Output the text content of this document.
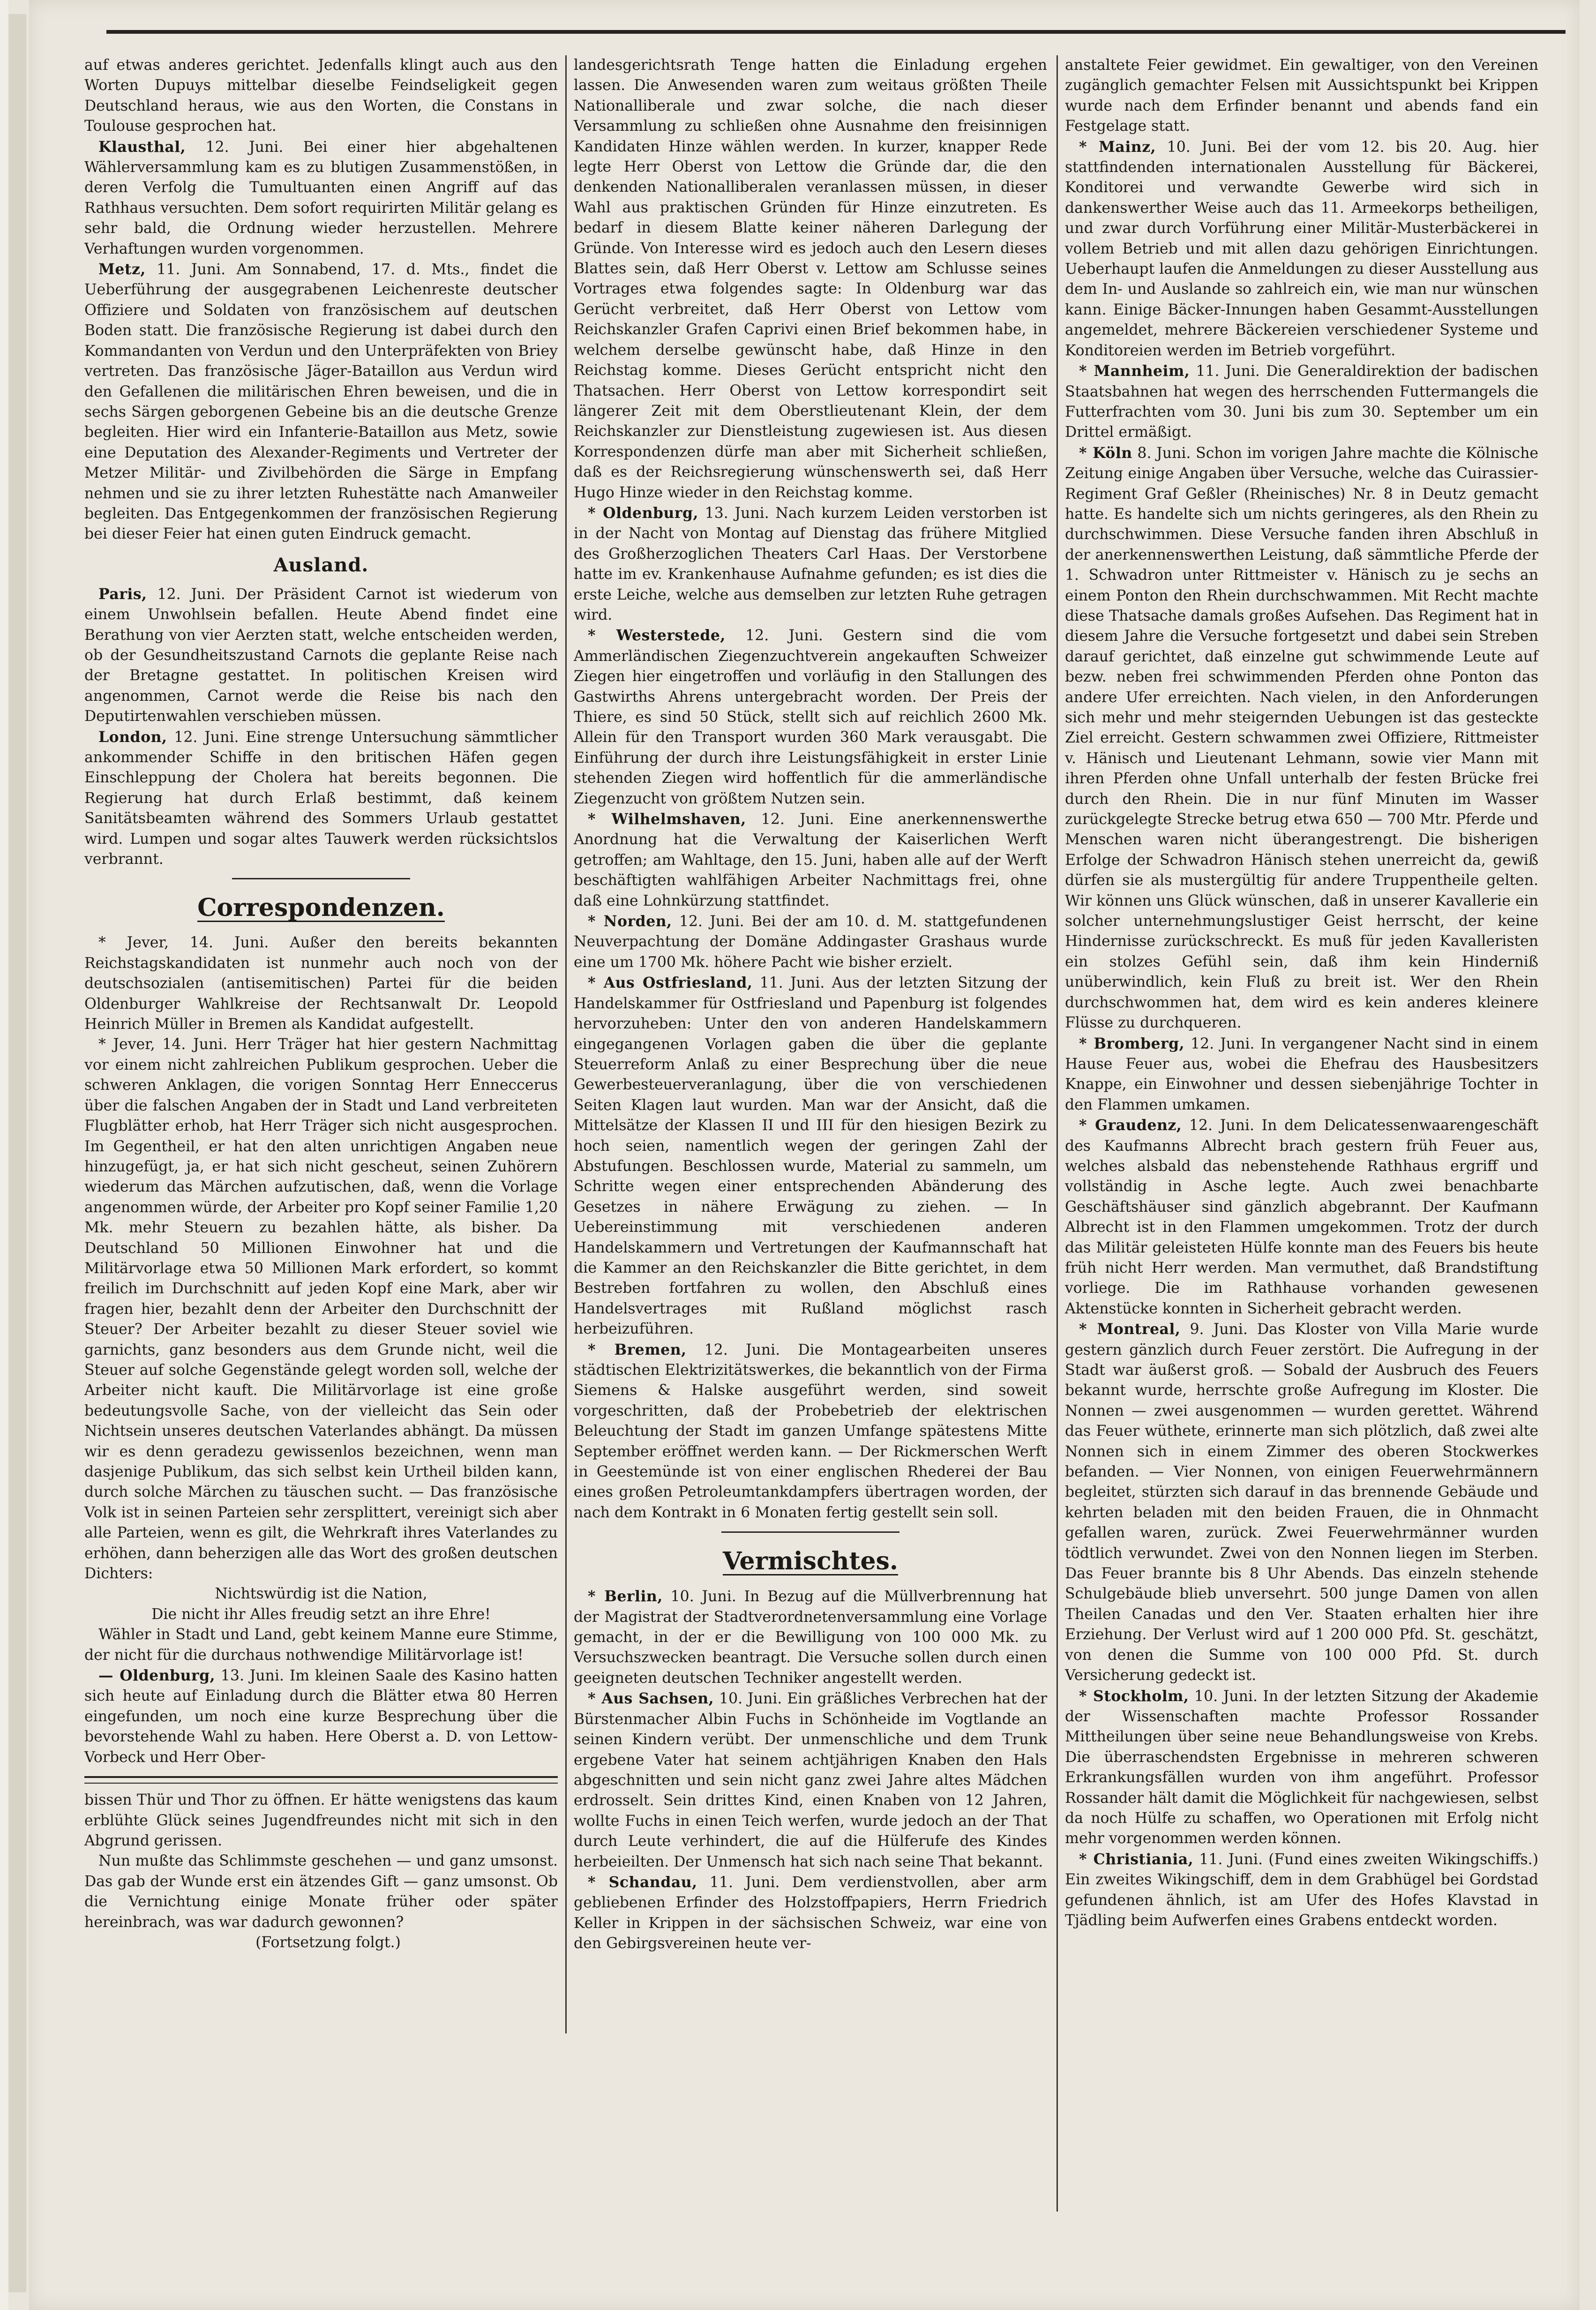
auf etwas anderes gerichtet. Jedenfalls klingt auch aus den Worten Dupuys mittelbar dieselbe Feindseligkeit gegen Deutschland heraus, wie aus den Worten, die Constans in Toulouse gesprochen hat.

Klausthal, 12. Juni. Bei einer hier abgehaltenen Wählerversammlung kam es zu blutigen Zusammenstößen, in deren Verfolg die Tumultuanten einen Angriff auf das Rathhaus versuchten. Dem sofort requirirten Militär gelang es sehr bald, die Ordnung wieder herzustellen. Mehrere Verhaftungen wurden vorgenommen.

Metz, 11. Juni. Am Sonnabend, 17. d. Mts., findet die Ueberführung der ausgegrabenen Leichenreste deutscher Offiziere und Soldaten von französischem auf deutschen Boden statt. Die französische Regierung ist dabei durch den Kommandanten von Verdun und den Unterpräfekten von Briey vertreten. Das französische Jäger-Bataillon aus Verdun wird den Gefallenen die militärischen Ehren beweisen, und die in sechs Särgen geborgenen Gebeine bis an die deutsche Grenze begleiten. Hier wird ein Infanterie-Bataillon aus Metz, sowie eine Deputation des Alexander-Regiments und Vertreter der Metzer Militär- und Zivilbehörden die Särge in Empfang nehmen und sie zu ihrer letzten Ruhestätte nach Amanweiler begleiten. Das Entgegenkommen der französischen Regierung bei dieser Feier hat einen guten Eindruck gemacht.

Ausland.

Paris, 12. Juni. Der Präsident Carnot ist wiederum von einem Unwohlsein befallen. Heute Abend findet eine Berathung von vier Aerzten statt, welche entscheiden werden, ob der Gesundheitszustand Carnots die geplante Reise nach der Bretagne gestattet. In politischen Kreisen wird angenommen, Carnot werde die Reise bis nach den Deputirtenwahlen verschieben müssen.

London, 12. Juni. Eine strenge Untersuchung sämmtlicher ankommender Schiffe in den britischen Häfen gegen Einschleppung der Cholera hat bereits begonnen. Die Regierung hat durch Erlaß bestimmt, daß keinem Sanitätsbeamten während des Sommers Urlaub gestattet wird. Lumpen und sogar altes Tauwerk werden rücksichtslos verbrannt.

Correspondenzen.

* Jever, 14. Juni. Außer den bereits bekannten Reichstagskandidaten ist nunmehr auch noch von der deutschsozialen (antisemitischen) Partei für die beiden Oldenburger Wahlkreise der Rechtsanwalt Dr. Leopold Heinrich Müller in Bremen als Kandidat aufgestellt.

* Jever, 14. Juni. Herr Träger hat hier gestern Nachmittag vor einem nicht zahlreichen Publikum gesprochen. Ueber die schweren Anklagen, die vorigen Sonntag Herr Enneccerus über die falschen Angaben der in Stadt und Land verbreiteten Flugblätter erhob, hat Herr Träger sich nicht ausgesprochen. Im Gegentheil, er hat den alten unrichtigen Angaben neue hinzugefügt, ja, er hat sich nicht gescheut, seinen Zuhörern wiederum das Märchen aufzutischen, daß, wenn die Vorlage angenommen würde, der Arbeiter pro Kopf seiner Familie 1,20 Mk. mehr Steuern zu bezahlen hätte, als bisher. Da Deutschland 50 Millionen Einwohner hat und die Militärvorlage etwa 50 Millionen Mark erfordert, so kommt freilich im Durchschnitt auf jeden Kopf eine Mark, aber wir fragen hier, bezahlt denn der Arbeiter den Durchschnitt der Steuer? Der Arbeiter bezahlt zu dieser Steuer soviel wie garnichts, ganz besonders aus dem Grunde nicht, weil die Steuer auf solche Gegenstände gelegt worden soll, welche der Arbeiter nicht kauft. Die Militärvorlage ist eine große bedeutungsvolle Sache, von der vielleicht das Sein oder Nichtsein unseres deutschen Vaterlandes abhängt. Da müssen wir es denn geradezu gewissenlos bezeichnen, wenn man dasjenige Publikum, das sich selbst kein Urtheil bilden kann, durch solche Märchen zu täuschen sucht. — Das französische Volk ist in seinen Parteien sehr zersplittert, vereinigt sich aber alle Parteien, wenn es gilt, die Wehrkraft ihres Vaterlandes zu erhöhen, dann beherzigen alle das Wort des großen deutschen Dichters:

Nichtswürdig ist die Nation,

Die nicht ihr Alles freudig setzt an ihre Ehre!

Wähler in Stadt und Land, gebt keinem Manne eure Stimme, der nicht für die durchaus nothwendige Militärvorlage ist!

— Oldenburg, 13. Juni. Im kleinen Saale des Kasino hatten sich heute auf Einladung durch die Blätter etwa 80 Herren eingefunden, um noch eine kurze Besprechung über die bevorstehende Wahl zu haben. Here Oberst a. D. von Lettow-Vorbeck und Herr Ober-

bissen Thür und Thor zu öffnen. Er hätte wenigstens das kaum erblühte Glück seines Jugendfreundes nicht mit sich in den Abgrund gerissen.

Nun mußte das Schlimmste geschehen — und ganz umsonst. Das gab der Wunde erst ein ätzendes Gift — ganz umsonst. Ob die Vernichtung einige Monate früher oder später hereinbrach, was war dadurch gewonnen?

(Fortsetzung folgt.)

landesgerichtsrath Tenge hatten die Einladung ergehen lassen. Die Anwesenden waren zum weitaus größten Theile Nationalliberale und zwar solche, die nach dieser Versammlung zu schließen ohne Ausnahme den freisinnigen Kandidaten Hinze wählen werden. In kurzer, knapper Rede legte Herr Oberst von Lettow die Gründe dar, die den denkenden Nationalliberalen veranlassen müssen, in dieser Wahl aus praktischen Gründen für Hinze einzutreten. Es bedarf in diesem Blatte keiner näheren Darlegung der Gründe. Von Interesse wird es jedoch auch den Lesern dieses Blattes sein, daß Herr Oberst v. Lettow am Schlusse seines Vortrages etwa folgendes sagte: In Oldenburg war das Gerücht verbreitet, daß Herr Oberst von Lettow vom Reichskanzler Grafen Caprivi einen Brief bekommen habe, in welchem derselbe gewünscht habe, daß Hinze in den Reichstag komme. Dieses Gerücht entspricht nicht den Thatsachen. Herr Oberst von Lettow korrespondirt seit längerer Zeit mit dem Oberstlieutenant Klein, der dem Reichskanzler zur Dienstleistung zugewiesen ist. Aus diesen Korrespondenzen dürfe man aber mit Sicherheit schließen, daß es der Reichsregierung wünschenswerth sei, daß Herr Hugo Hinze wieder in den Reichstag komme.

* Oldenburg, 13. Juni. Nach kurzem Leiden verstorben ist in der Nacht von Montag auf Dienstag das frühere Mitglied des Großherzoglichen Theaters Carl Haas. Der Verstorbene hatte im ev. Krankenhause Aufnahme gefunden; es ist dies die erste Leiche, welche aus demselben zur letzten Ruhe getragen wird.

* Westerstede, 12. Juni. Gestern sind die vom Ammerländischen Ziegenzuchtverein angekauften Schweizer Ziegen hier eingetroffen und vorläufig in den Stallungen des Gastwirths Ahrens untergebracht worden. Der Preis der Thiere, es sind 50 Stück, stellt sich auf reichlich 2600 Mk. Allein für den Transport wurden 360 Mark verausgabt. Die Einführung der durch ihre Leistungsfähigkeit in erster Linie stehenden Ziegen wird hoffentlich für die ammerländische Ziegenzucht von größtem Nutzen sein.

* Wilhelmshaven, 12. Juni. Eine anerkennenswerthe Anordnung hat die Verwaltung der Kaiserlichen Werft getroffen; am Wahltage, den 15. Juni, haben alle auf der Werft beschäftigten wahlfähigen Arbeiter Nachmittags frei, ohne daß eine Lohnkürzung stattfindet.

* Norden, 12. Juni. Bei der am 10. d. M. stattgefundenen Neuverpachtung der Domäne Addingaster Grashaus wurde eine um 1700 Mk. höhere Pacht wie bisher erzielt.

* Aus Ostfriesland, 11. Juni. Aus der letzten Sitzung der Handelskammer für Ostfriesland und Papenburg ist folgendes hervorzuheben: Unter den von anderen Handelskammern eingegangenen Vorlagen gaben die über die geplante Steuerreform Anlaß zu einer Besprechung über die neue Gewerbesteuerveranlagung, über die von verschiedenen Seiten Klagen laut wurden. Man war der Ansicht, daß die Mittelsätze der Klassen II und III für den hiesigen Bezirk zu hoch seien, namentlich wegen der geringen Zahl der Abstufungen. Beschlossen wurde, Material zu sammeln, um Schritte wegen einer entsprechenden Abänderung des Gesetzes in nähere Erwägung zu ziehen. — In Uebereinstimmung mit verschiedenen anderen Handelskammern und Vertretungen der Kaufmannschaft hat die Kammer an den Reichskanzler die Bitte gerichtet, in dem Bestreben fortfahren zu wollen, den Abschluß eines Handelsvertrages mit Rußland möglichst rasch herbeizuführen.

* Bremen, 12. Juni. Die Montagearbeiten unseres städtischen Elektrizitätswerkes, die bekanntlich von der Firma Siemens & Halske ausgeführt werden, sind soweit vorgeschritten, daß der Probebetrieb der elektrischen Beleuchtung der Stadt im ganzen Umfange spätestens Mitte September eröffnet werden kann. — Der Rickmerschen Werft in Geestemünde ist von einer englischen Rhederei der Bau eines großen Petroleumtankdampfers übertragen worden, der nach dem Kontrakt in 6 Monaten fertig gestellt sein soll.

Vermischtes.

* Berlin, 10. Juni. In Bezug auf die Müllverbrennung hat der Magistrat der Stadtverordnetenversammlung eine Vorlage gemacht, in der er die Bewilligung von 100 000 Mk. zu Versuchszwecken beantragt. Die Versuche sollen durch einen geeigneten deutschen Techniker angestellt werden.

* Aus Sachsen, 10. Juni. Ein gräßliches Verbrechen hat der Bürstenmacher Albin Fuchs in Schönheide im Vogtlande an seinen Kindern verübt. Der unmenschliche und dem Trunk ergebene Vater hat seinem achtjährigen Knaben den Hals abgeschnitten und sein nicht ganz zwei Jahre altes Mädchen erdrosselt. Sein drittes Kind, einen Knaben von 12 Jahren, wollte Fuchs in einen Teich werfen, wurde jedoch an der That durch Leute verhindert, die auf die Hülferufe des Kindes herbeieilten. Der Unmensch hat sich nach seine That bekannt.

* Schandau, 11. Juni. Dem verdienstvollen, aber arm gebliebenen Erfinder des Holzstoffpapiers, Herrn Friedrich Keller in Krippen in der sächsischen Schweiz, war eine von den Gebirgsvereinen heute ver-

anstaltete Feier gewidmet. Ein gewaltiger, von den Vereinen zugänglich gemachter Felsen mit Aussichtspunkt bei Krippen wurde nach dem Erfinder benannt und abends fand ein Festgelage statt.

* Mainz, 10. Juni. Bei der vom 12. bis 20. Aug. hier stattfindenden internationalen Ausstellung für Bäckerei, Konditorei und verwandte Gewerbe wird sich in dankenswerther Weise auch das 11. Armeekorps betheiligen, und zwar durch Vorführung einer Militär-Musterbäckerei in vollem Betrieb und mit allen dazu gehörigen Einrichtungen. Ueberhaupt laufen die Anmeldungen zu dieser Ausstellung aus dem In- und Auslande so zahlreich ein, wie man nur wünschen kann. Einige Bäcker-Innungen haben Gesammt-Ausstellungen angemeldet, mehrere Bäckereien verschiedener Systeme und Konditoreien werden im Betrieb vorgeführt.

* Mannheim, 11. Juni. Die Generaldirektion der badischen Staatsbahnen hat wegen des herrschenden Futtermangels die Futterfrachten vom 30. Juni bis zum 30. September um ein Drittel ermäßigt.

* Köln 8. Juni. Schon im vorigen Jahre machte die Kölnische Zeitung einige Angaben über Versuche, welche das Cuirassier-Regiment Graf Geßler (Rheinisches) Nr. 8 in Deutz gemacht hatte. Es handelte sich um nichts geringeres, als den Rhein zu durchschwimmen. Diese Versuche fanden ihren Abschluß in der anerkennenswerthen Leistung, daß sämmtliche Pferde der 1. Schwadron unter Rittmeister v. Hänisch zu je sechs an einem Ponton den Rhein durchschwammen. Mit Recht machte diese Thatsache damals großes Aufsehen. Das Regiment hat in diesem Jahre die Versuche fortgesetzt und dabei sein Streben darauf gerichtet, daß einzelne gut schwimmende Leute auf bezw. neben frei schwimmenden Pferden ohne Ponton das andere Ufer erreichten. Nach vielen, in den Anforderungen sich mehr und mehr steigernden Uebungen ist das gesteckte Ziel erreicht. Gestern schwammen zwei Offiziere, Rittmeister v. Hänisch und Lieutenant Lehmann, sowie vier Mann mit ihren Pferden ohne Unfall unterhalb der festen Brücke frei durch den Rhein. Die in nur fünf Minuten im Wasser zurückgelegte Strecke betrug etwa 650 — 700 Mtr. Pferde und Menschen waren nicht überangestrengt. Die bisherigen Erfolge der Schwadron Hänisch stehen unerreicht da, gewiß dürfen sie als mustergültig für andere Truppentheile gelten. Wir können uns Glück wünschen, daß in unserer Kavallerie ein solcher unternehmungslustiger Geist herrscht, der keine Hindernisse zurückschreckt. Es muß für jeden Kavalleristen ein stolzes Gefühl sein, daß ihm kein Hinderniß unüberwindlich, kein Fluß zu breit ist. Wer den Rhein durchschwommen hat, dem wird es kein anderes kleinere Flüsse zu durchqueren.

* Bromberg, 12. Juni. In vergangener Nacht sind in einem Hause Feuer aus, wobei die Ehefrau des Hausbesitzers Knappe, ein Einwohner und dessen siebenjährige Tochter in den Flammen umkamen.

* Graudenz, 12. Juni. In dem Delicatessenwaarengeschäft des Kaufmanns Albrecht brach gestern früh Feuer aus, welches alsbald das nebenstehende Rathhaus ergriff und vollständig in Asche legte. Auch zwei benachbarte Geschäftshäuser sind gänzlich abgebrannt. Der Kaufmann Albrecht ist in den Flammen umgekommen. Trotz der durch das Militär geleisteten Hülfe konnte man des Feuers bis heute früh nicht Herr werden. Man vermuthet, daß Brandstiftung vorliege. Die im Rathhause vorhanden gewesenen Aktenstücke konnten in Sicherheit gebracht werden.

* Montreal, 9. Juni. Das Kloster von Villa Marie wurde gestern gänzlich durch Feuer zerstört. Die Aufregung in der Stadt war äußerst groß. — Sobald der Ausbruch des Feuers bekannt wurde, herrschte große Aufregung im Kloster. Die Nonnen — zwei ausgenommen — wurden gerettet. Während das Feuer wüthete, erinnerte man sich plötzlich, daß zwei alte Nonnen sich in einem Zimmer des oberen Stockwerkes befanden. — Vier Nonnen, von einigen Feuerwehrmännern begleitet, stürzten sich darauf in das brennende Gebäude und kehrten beladen mit den beiden Frauen, die in Ohnmacht gefallen waren, zurück. Zwei Feuerwehrmänner wurden tödtlich verwundet. Zwei von den Nonnen liegen im Sterben. Das Feuer brannte bis 8 Uhr Abends. Das einzeln stehende Schulgebäude blieb unversehrt. 500 junge Damen von allen Theilen Canadas und den Ver. Staaten erhalten hier ihre Erziehung. Der Verlust wird auf 1 200 000 Pfd. St. geschätzt, von denen die Summe von 100 000 Pfd. St. durch Versicherung gedeckt ist.

* Stockholm, 10. Juni. In der letzten Sitzung der Akademie der Wissenschaften machte Professor Rossander Mittheilungen über seine neue Behandlungsweise von Krebs. Die überraschendsten Ergebnisse in mehreren schweren Erkrankungsfällen wurden von ihm angeführt. Professor Rossander hält damit die Möglichkeit für nachgewiesen, selbst da noch Hülfe zu schaffen, wo Operationen mit Erfolg nicht mehr vorgenommen werden können.

* Christiania, 11. Juni. (Fund eines zweiten Wikingschiffs.) Ein zweites Wikingschiff, dem in dem Grabhügel bei Gordstad gefundenen ähnlich, ist am Ufer des Hofes Klavstad in Tjädling beim Aufwerfen eines Grabens entdeckt worden.
